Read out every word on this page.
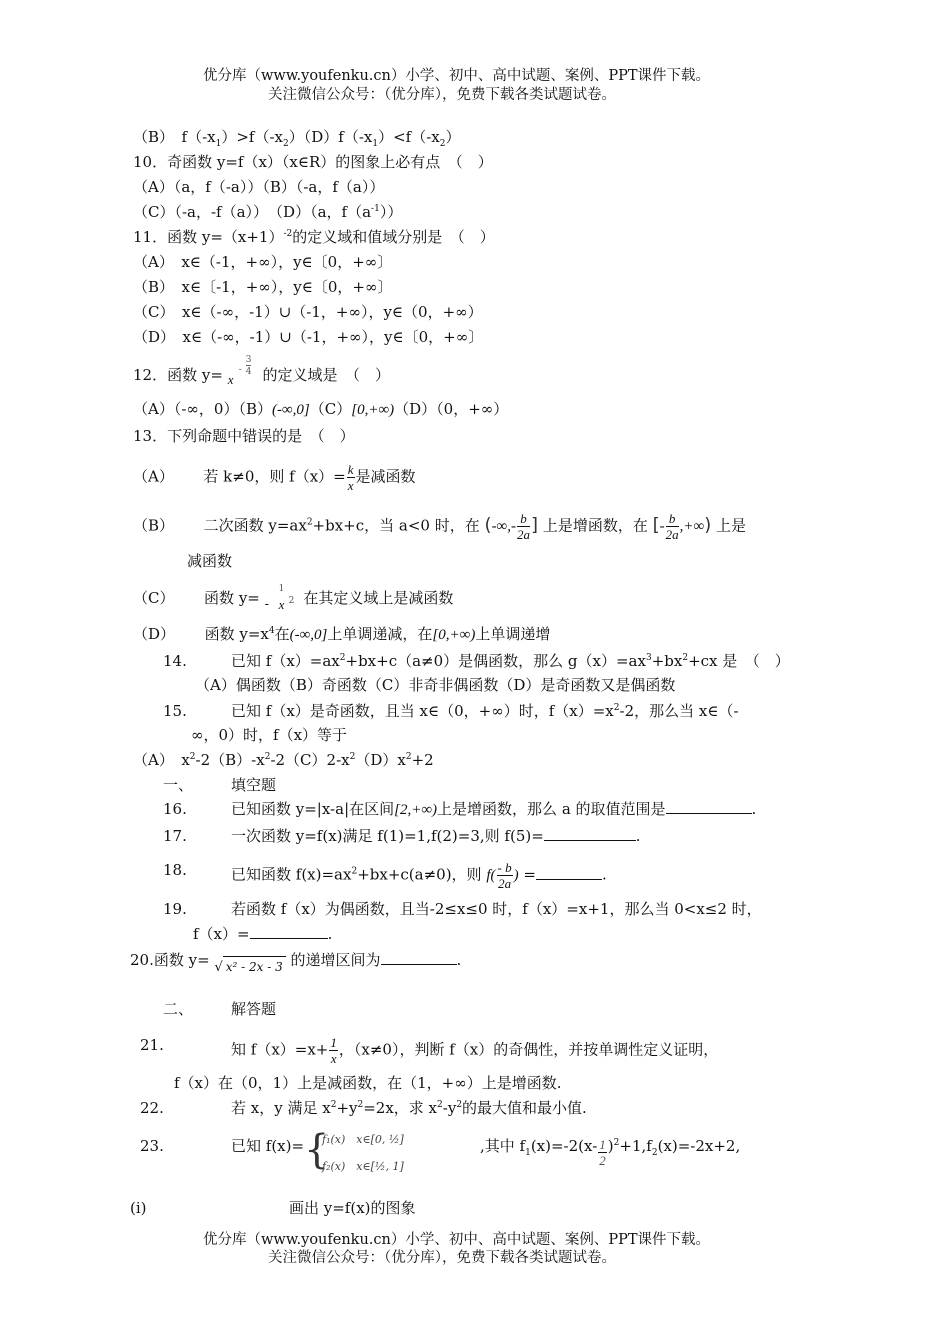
优分库（www.youfenku.cn）小学、初中、高中试题、案例、PPT课件下载。
关注微信公众号：（优分库），免费下载各类试题试卷。
（B）　$f(-x_1)>f(-x_2)(D)f(-x_1)<f(-x_2)$
10．奇函数 y=f（x）（x∈R）的图象上必有点　（　）
（A）（a，f（-a））（B）（-a，f（a））
（C）（-a，-f（a））　（D）（a，$f(a^{-1})$）
11．函数 $y=(x+1)^{-2}$的定义域和值域分别是　（　）
（A）　x∈（-1，+∞），y∈〔0，+∞〕
（B）　x∈〔-1，+∞），y∈〔0，+∞〕
（C）　x∈（-∞，-1）∪（-1，+∞），y∈（0，+∞）
（D）　x∈（-∞，-1）∪（-1，+∞），y∈〔0，+∞〕
12．函数 y= x
-
3
4 的定义域是　（　）
（A）（-∞，0）（B）(-∞,0]（C）[0,+∞)（D）（0，+∞）
13．下列命题中错误的是　（　）
（A） 若 k≠0，则 $f(x)= \frac{k}{x}$ 是减函数
（B） 二次函数 $y=ax^2+bx+c$，当 a<0 时，在 (-∞,- $\frac{b}{2a}$ ] 上是增函数，在 [- $\frac{b}{2a}$ ,+∞) 上是
减函数
（C） 函数 y= 1
- x 2 在其定义域上是减函数
（D） 函数 $y=x^4$在(-∞,0]上单调递减，在[0,+∞)上单调递增
14.	已知 $f(x)=ax^2+bx+c(a\ne 0)$是偶函数，那么 $g(x)=ax^3+bx^2+cx$ 是　（　）
（A）偶函数（B）奇函数（C）非奇非偶函数（D）是奇函数又是偶函数
15.	已知 f（x）是奇函数，且当 x∈（0，+∞）时，$f(x)=x^2-2$，那么当 x∈（-
∞，0）时，f（x）等于
（A）　$x^2-2(B)-x^2-2(C)2-x^2(D)x^2+2$
一、	填空题
16.	已知函数 y=|x-a|在区间[2,+∞)上是增函数，那么 a 的取值范围是	.
17.	一次函数 y=f(x)满足 f(1)=1,f(2)=3,则 f(5)=	.
18.	已知函数 $f(x)=ax^2+bx+c(a\ne 0)$，则 $f( \frac{- b}{2a}$ ) =	.
19.	若函数 f（x）为偶函数，且当-2≤x≤0 时，f（x）=x+1，那么当 0<x≤2 时，
f（x）=	.
20.函数 y= √ x² - 2x - 3 的递增区间为	.
二、	解答题
21.	知 $f(x)=x+ \frac{1}{x}$ ，（x≠0），判断 f（x）的奇偶性，并按单调性定义证明，
f（x）在（0，1）上是减函数，在（1，+∞）上是增函数.
22.	若 x，y 满足 $x^2+y^2=2x$，求 $x^2-y^2$的最大值和最小值.
23.	已知 f(x)= {
f₁(x)　x∈[0, ½]
f₂(x)　x∈[½, 1]
,其中 $f_1(x)=-2(x- \frac{1}{2} )^2+1,f_2(x)=-2x+2$,
(i)	画出 y=f(x)的图象
优分库（www.youfenku.cn）小学、初中、高中试题、案例、PPT课件下载。
关注微信公众号：（优分库），免费下载各类试题试卷。
